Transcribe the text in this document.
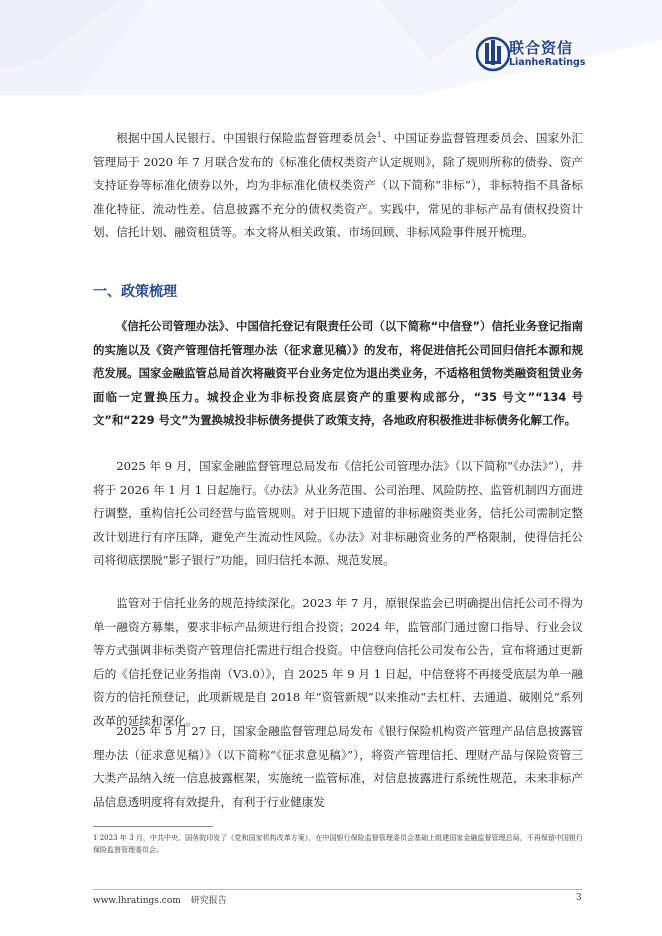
联合资信
LianheRatings

根据中国人民银行、中国银行保险监督管理委员会$^1$、中国证券监督管理委员会、国家外汇管理局于 2020 年 7 月联合发布的《标准化债权类资产认定规则》，除了规则所称的债券、资产支持证券等标准化债券以外，均为非标准化债权类资产（以下简称“非标”），非标特指不具备标准化特征、流动性差、信息披露不充分的债权类资产。实践中，常见的非标产品有债权投资计划、信托计划、融资租赁等。本文将从相关政策、市场回顾、非标风险事件展开梳理。

一、政策梳理

《信托公司管理办法》、中国信托登记有限责任公司（以下简称“中信登”）信托业务登记指南的实施以及《资产管理信托管理办法（征求意见稿）》的发布，将促进信托公司回归信托本源和规范发展。国家金融监管总局首次将融资平台业务定位为退出类业务，不适格租赁物类融资租赁业务面临一定置换压力。城投企业为非标投资底层资产的重要构成部分，“35 号文”“134 号文”和“229 号文”为置换城投非标债务提供了政策支持，各地政府积极推进非标债务化解工作。

2025 年 9 月，国家金融监督管理总局发布《信托公司管理办法》（以下简称“《办法》”），并将于 2026 年 1 月 1 日起施行。《办法》从业务范围、公司治理、风险防控、监管机制四方面进行调整，重构信托公司经营与监管规则。对于旧规下遗留的非标融资类业务，信托公司需制定整改计划进行有序压降，避免产生流动性风险。《办法》对非标融资业务的严格限制，使得信托公司将彻底摆脱“影子银行”功能，回归信托本源、规范发展。

监管对于信托业务的规范持续深化。2023 年 7 月，原银保监会已明确提出信托公司不得为单一融资方募集，要求非标产品须进行组合投资；2024 年，监管部门通过窗口指导、行业会议等方式强调非标类资产管理信托需进行组合投资。中信登向信托公司发布公告，宣布将通过更新后的《信托登记业务指南（V3.0）》，自 2025 年 9 月 1 日起，中信登将不再接受底层为单一融资方的信托预登记，此项新规是自 2018 年“资管新规”以来推动“去杠杆、去通道、破刚兑”系列改革的延续和深化。

2025 年 5 月 27 日，国家金融监督管理总局发布《银行保险机构资产管理产品信息披露管理办法（征求意见稿）》（以下简称“《征求意见稿》”），将资产管理信托、理财产品与保险资管三大类产品纳入统一信息披露框架，实施统一监管标准，对信息披露进行系统性规范，未来非标产品信息透明度将有效提升，有利于行业健康发

1 2023 年 3 月，中共中央、国务院印发了《党和国家机构改革方案》，在中国银行保险监督管理委员会基础上组建国家金融监督管理总局，不再保留中国银行保险监督管理委员会。
www.lhratings.com 研究报告	3
